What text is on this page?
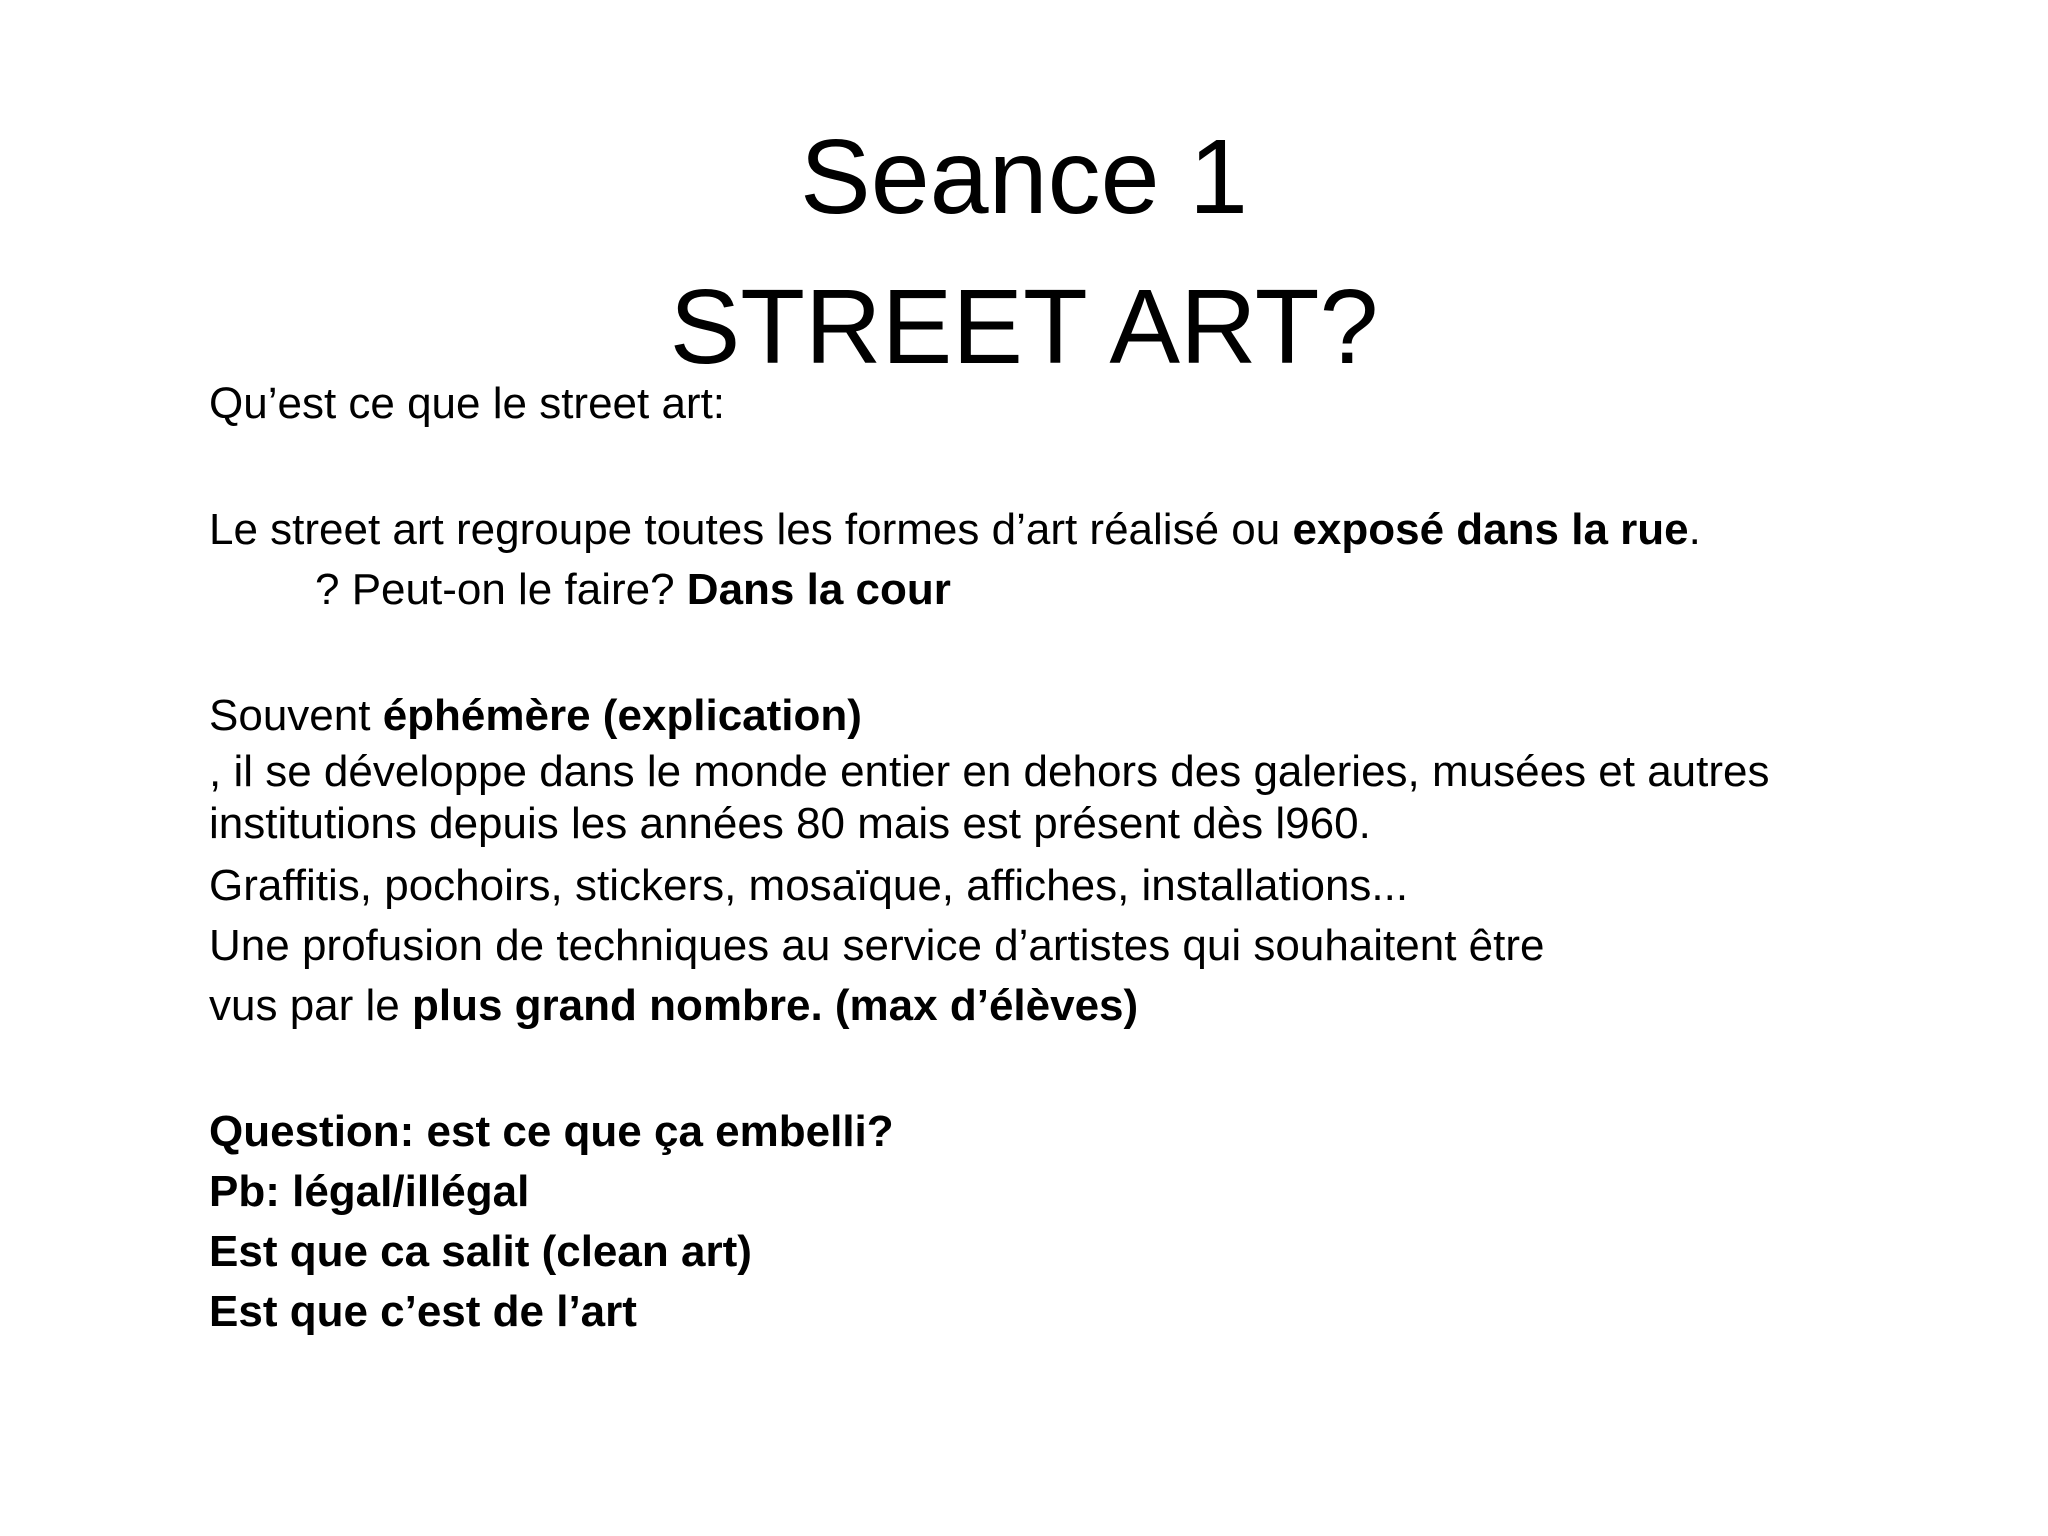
Seance 1
STREET ART?
Qu’est ce que le street art:
Le street art regroupe toutes les formes d’art réalisé ou exposé dans la rue.
? Peut-on le faire? Dans la cour
Souvent éphémère (explication)
, il se développe dans le monde entier en dehors des galeries, musées et autres institutions depuis les années 80 mais est présent dès l960.
Graffitis, pochoirs, stickers, mosaïque, affiches, installations...
Une profusion de techniques au service d’artistes qui souhaitent être
vus par le plus grand nombre. (max d’élèves)
Question: est ce que ça embelli?
Pb: légal/illégal
Est que ca salit (clean art)
Est que c’est de l’art
